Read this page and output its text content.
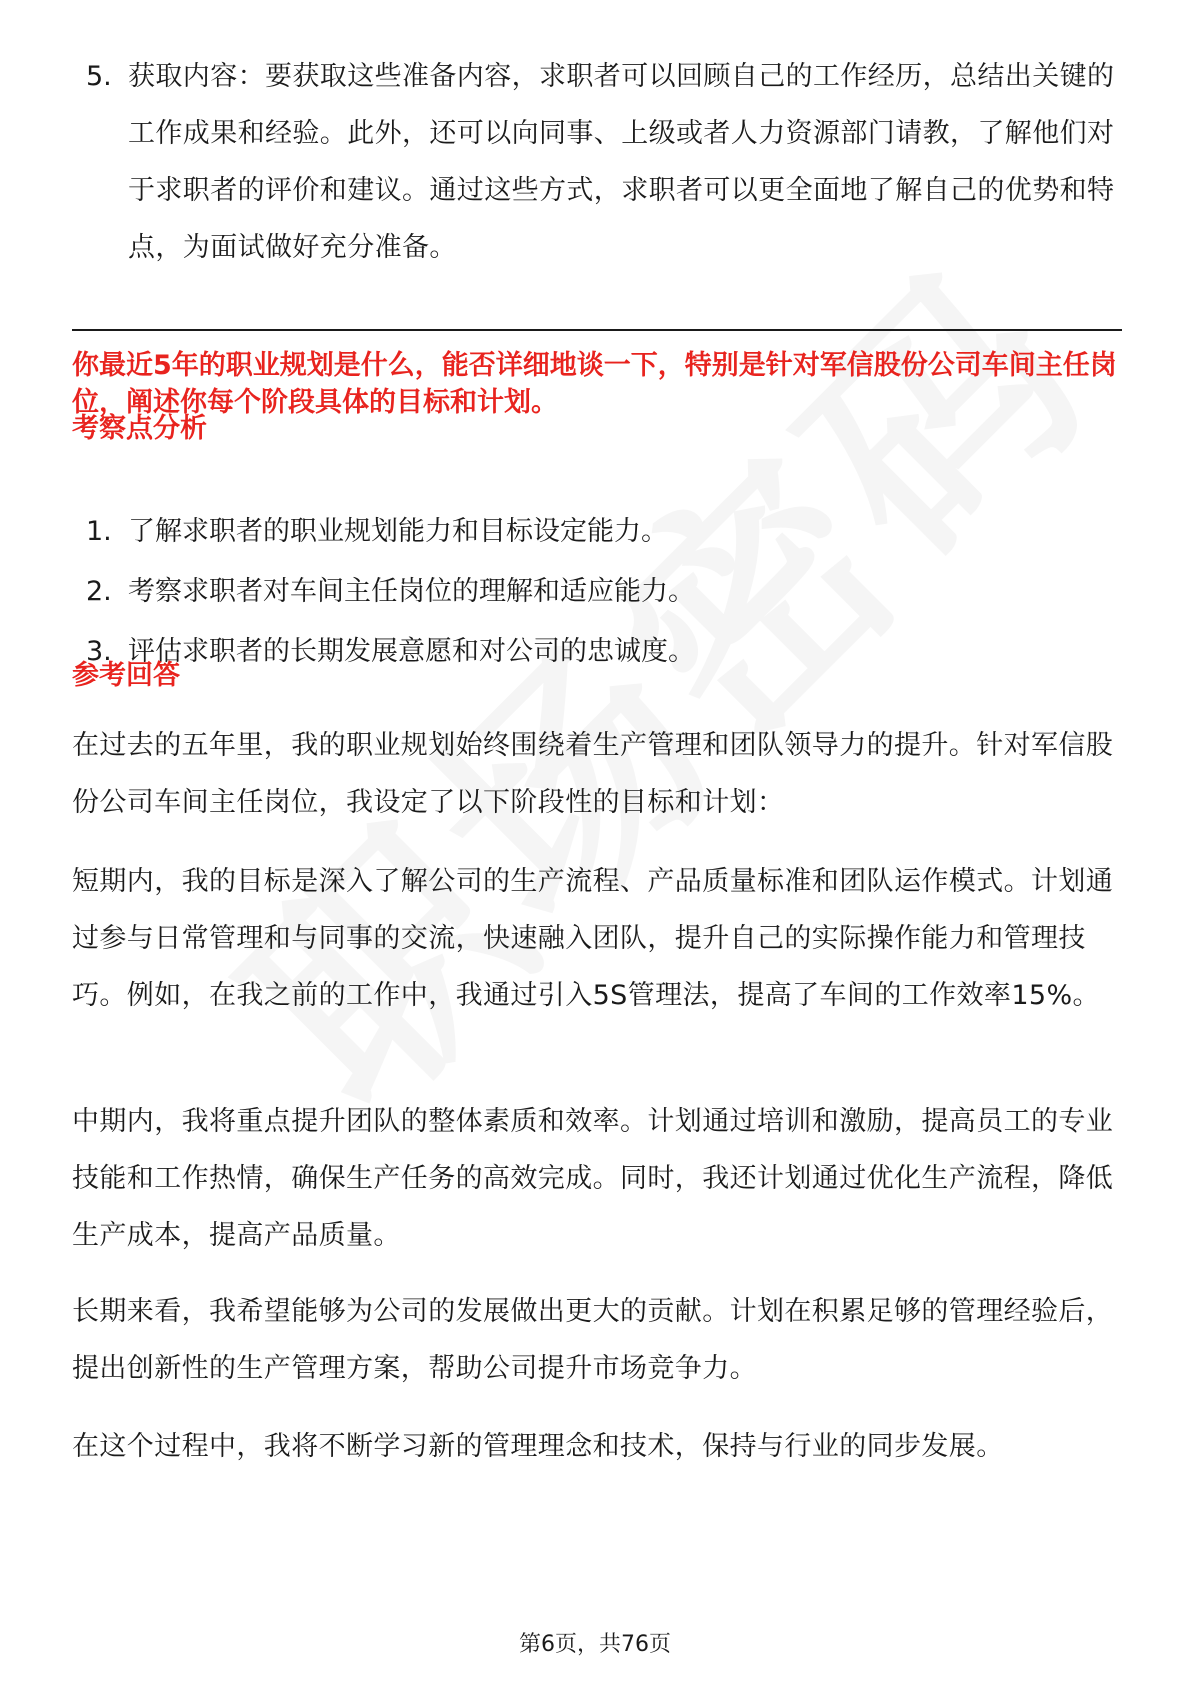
5. 获取内容：要获取这些准备内容，求职者可以回顾自己的工作经历，总结出关键的工作成果和经验。此外，还可以向同事、上级或者人力资源部门请教，了解他们对于求职者的评价和建议。通过这些方式，求职者可以更全面地了解自己的优势和特点，为面试做好充分准备。
你最近5年的职业规划是什么，能否详细地谈一下，特别是针对军信股份公司车间主任岗位，阐述你每个阶段具体的目标和计划。
考察点分析
1. 了解求职者的职业规划能力和目标设定能力。
2. 考察求职者对车间主任岗位的理解和适应能力。
3. 评估求职者的长期发展意愿和对公司的忠诚度。
参考回答
在过去的五年里，我的职业规划始终围绕着生产管理和团队领导力的提升。针对军信股份公司车间主任岗位，我设定了以下阶段性的目标和计划：
短期内，我的目标是深入了解公司的生产流程、产品质量标准和团队运作模式。计划通过参与日常管理和与同事的交流，快速融入团队，提升自己的实际操作能力和管理技巧。例如，在我之前的工作中，我通过引入5S管理法，提高了车间的工作效率15%。
中期内，我将重点提升团队的整体素质和效率。计划通过培训和激励，提高员工的专业技能和工作热情，确保生产任务的高效完成。同时，我还计划通过优化生产流程，降低生产成本，提高产品质量。
长期来看，我希望能够为公司的发展做出更大的贡献。计划在积累足够的管理经验后，提出创新性的生产管理方案，帮助公司提升市场竞争力。
在这个过程中，我将不断学习新的管理理念和技术，保持与行业的同步发展。
第6页，共76页
